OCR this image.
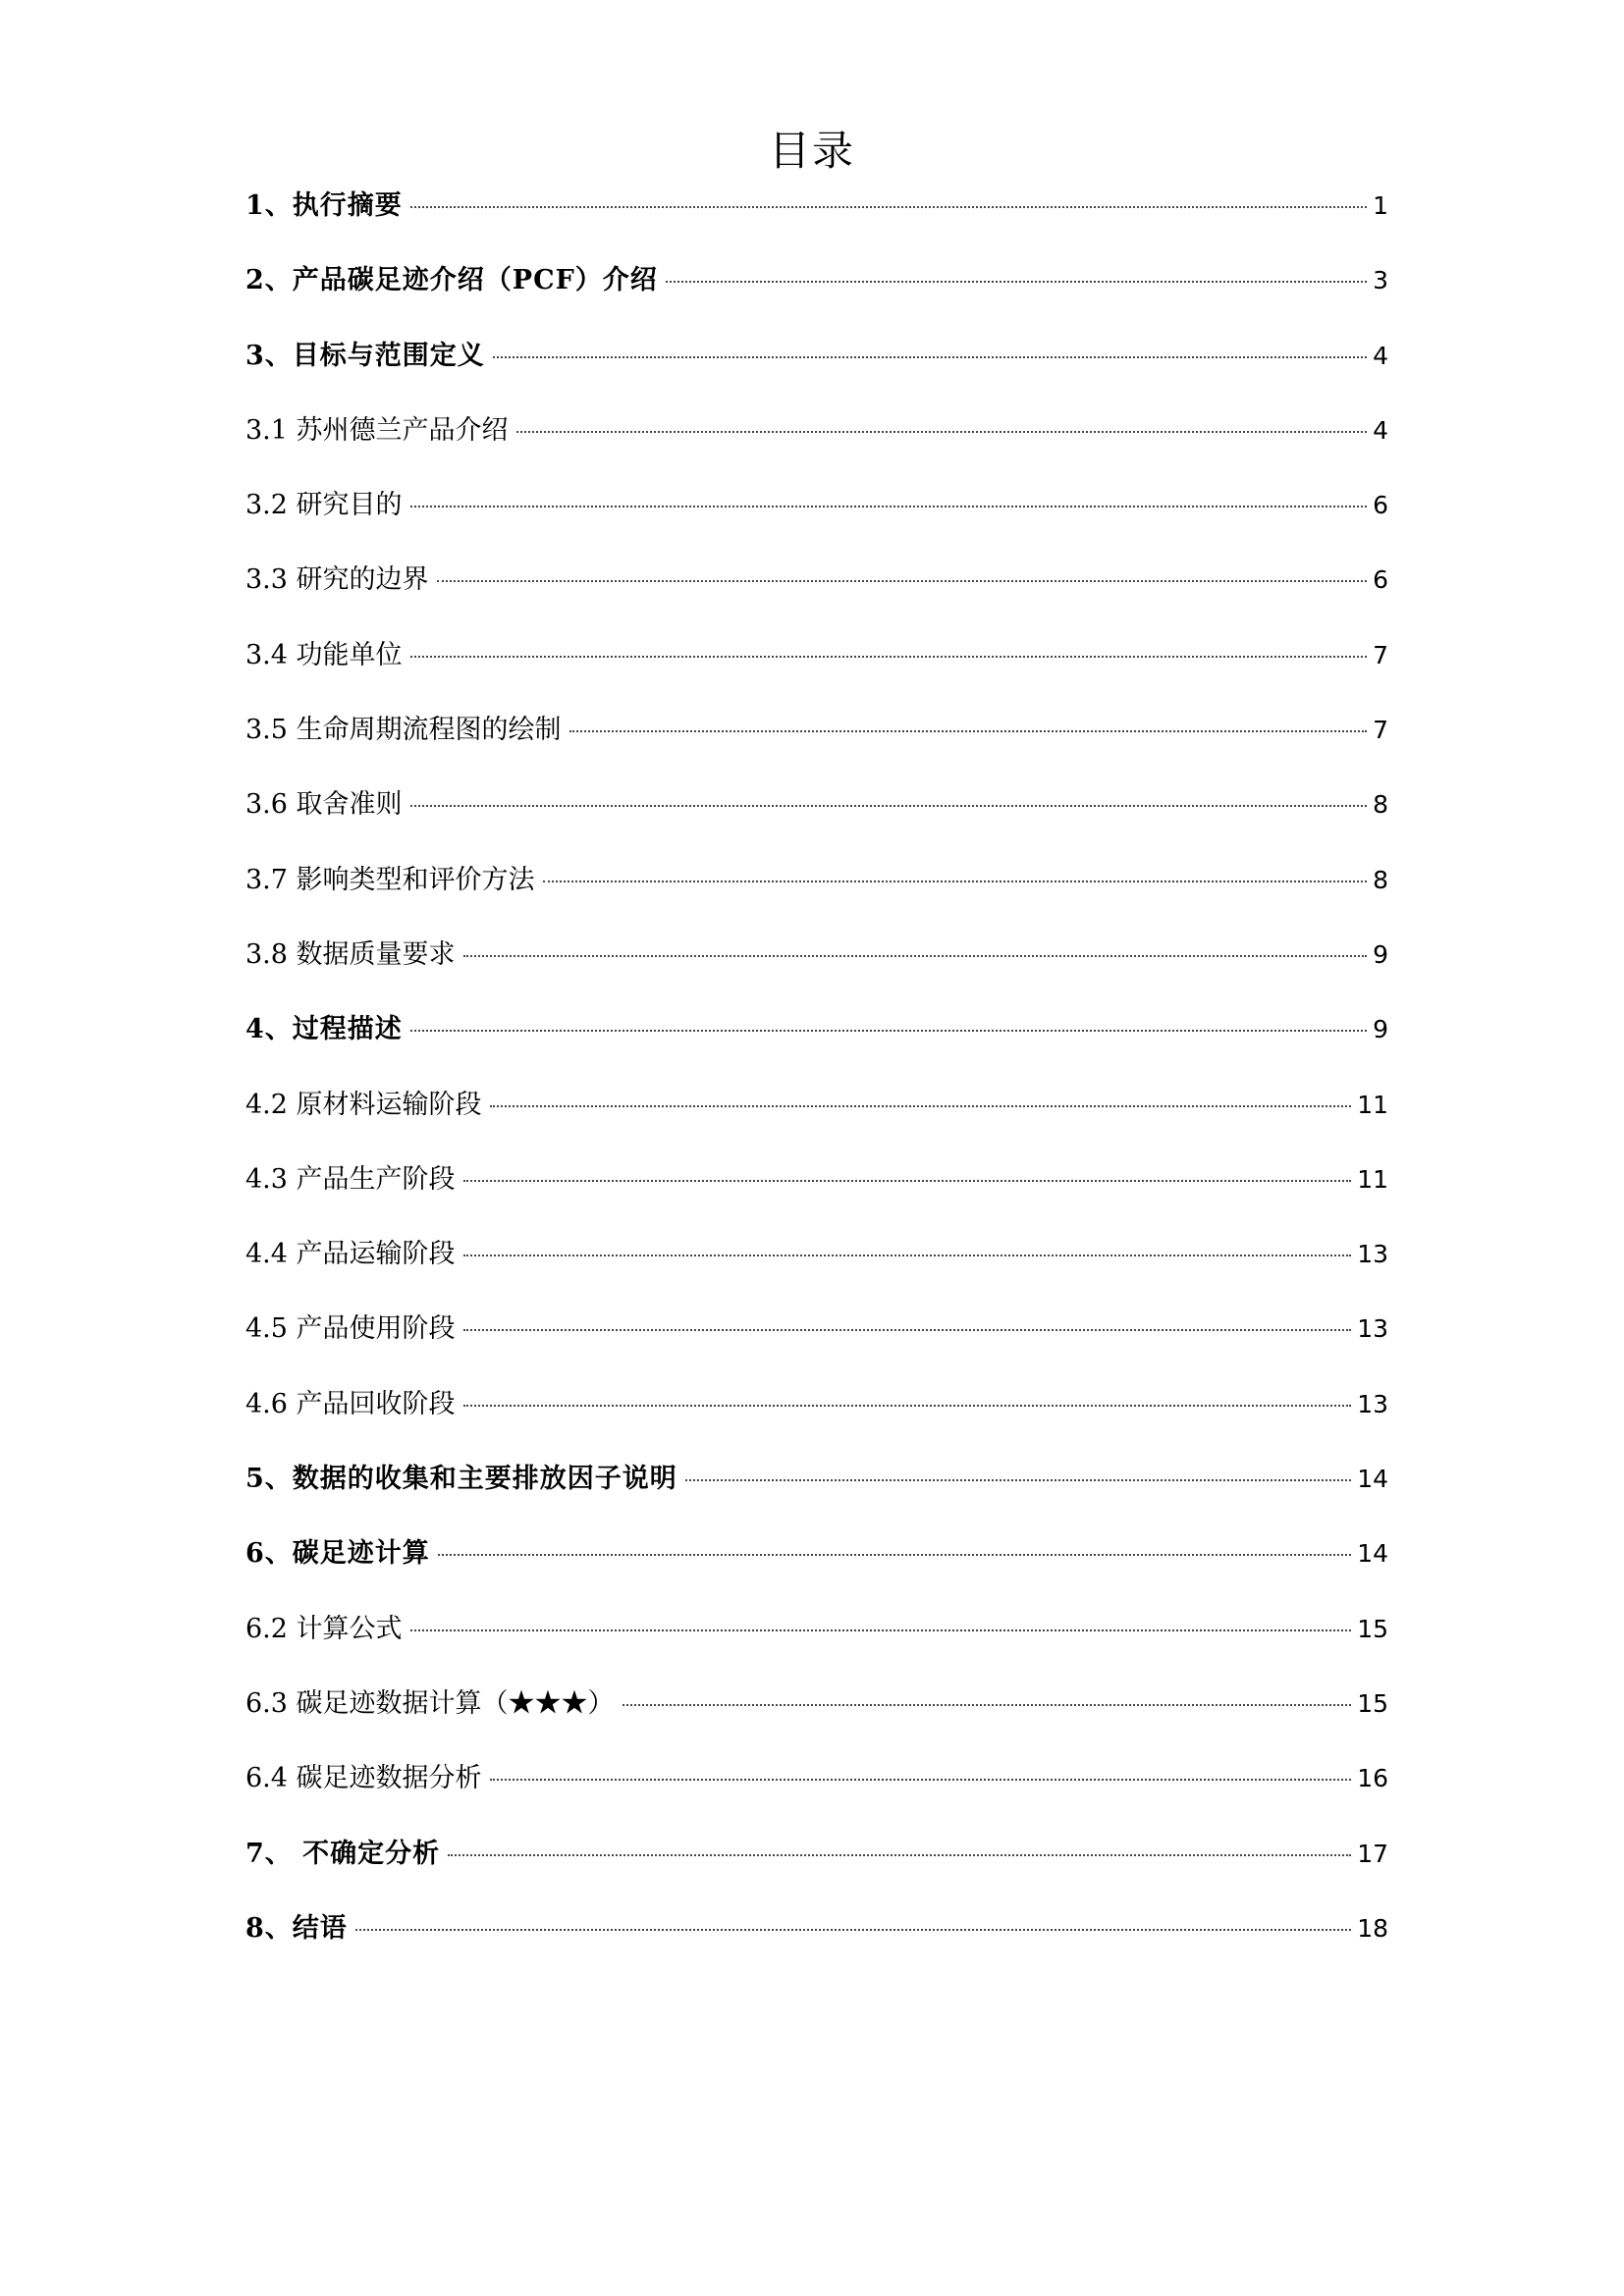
目录
1、执行摘要	1
2、产品碳足迹介绍（PCF）介绍	3
3、目标与范围定义	4
3.1 苏州德兰产品介绍	4
3.2 研究目的	6
3.3 研究的边界	6
3.4 功能单位	7
3.5 生命周期流程图的绘制	7
3.6 取舍准则	8
3.7 影响类型和评价方法	8
3.8 数据质量要求	9
4、过程描述	9
4.2 原材料运输阶段	11
4.3 产品生产阶段	11
4.4 产品运输阶段	13
4.5 产品使用阶段	13
4.6 产品回收阶段	13
5、数据的收集和主要排放因子说明	14
6、碳足迹计算	14
6.2 计算公式	15
6.3 碳足迹数据计算（★★★）	15
6.4 碳足迹数据分析	16
7、 不确定分析	17
8、结语	18
